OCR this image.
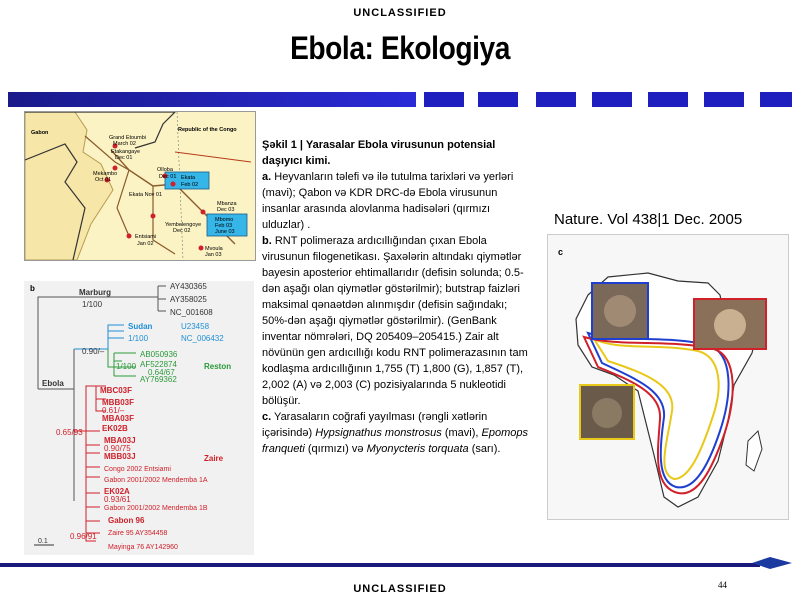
UNCLASSIFIED
Ebola: Ekologiya
Gabon	Republic of the Congo
Grand Etoumbi
March 02
Etakangaye
Dec 01
Mekambo
Oct 01
Olloba
Dec 01 Ekata
Feb 02
Ekata Nov 01
Mbanza
Dec 03
Mbomo
Feb 03
June 03
Yembelengoye
Dec 02
Entsiami
Jan 02
Mvoula
Jan 03
b	Marburg
1/100
AY430365
AY358025
NC_001608
0.90/–
Ebola
Sudan
1/100
U23458
NC_006432
AB050936
AF522874
0.64/67
AY769362
Reston
1/100
MBC03F
MBB03F
0.61/–
MBA03F
0.65/93 EK02B
MBA03J
0.90/75
MBB03J	Zaire
Congo 2002 Entsiami
Gabon 2001/2002 Mendemba 1A
EK02A
0.93/61
Gabon 2001/2002 Mendemba 1B
Gabon 96
0.96/91 Zaire 95 AY354458
Mayinga 76 AY142960
0.1

Şəkil 1 | Yarasalar Ebola virusunun potensial daşıyıcı kimi.

a. Heyvanların təlefi və ilə tutulma tarixləri və yerləri (mavi); Qabon və KDR DRC-də Ebola virusunun insanlar arasında alovlanma hadisələri (qırmızı ulduzlar) .

b. RNT polimeraza ardıcıllığından çıxan Ebola virusunun filogenetikası. Şaxələrin altındakı qiymətlər bayesin aposterior ehtimallarıdır (defisin solunda; 0.5-dən aşağı olan qiymətlər göstərilmir); butstrap faizləri maksimal qənaətdən alınmışdır (defisin sağındakı; 50%-dən aşağı qiymətlər göstərilmir). (GenBank inventar nömrələri, DQ 205409–205415.) Zair alt növünün gen ardıcıllığı kodu RNT polimerazasının tam kodlaşma ardıcıllığının 1,755 (T) 1,800 (G), 1,857 (T), 2,002 (A) və 2,003 (C) pozisiyalarında 5 nukleotidi bölüşür.

c. Yarasaların coğrafi yayılması (rəngli xətlərin içərisində) Hypsignathus monstrosus (mavi), Epomops franqueti (qırmızı) və Myonycteris torquata (sarı).

Nature. Vol 438|1 Dec. 2005
c
44
UNCLASSIFIED
